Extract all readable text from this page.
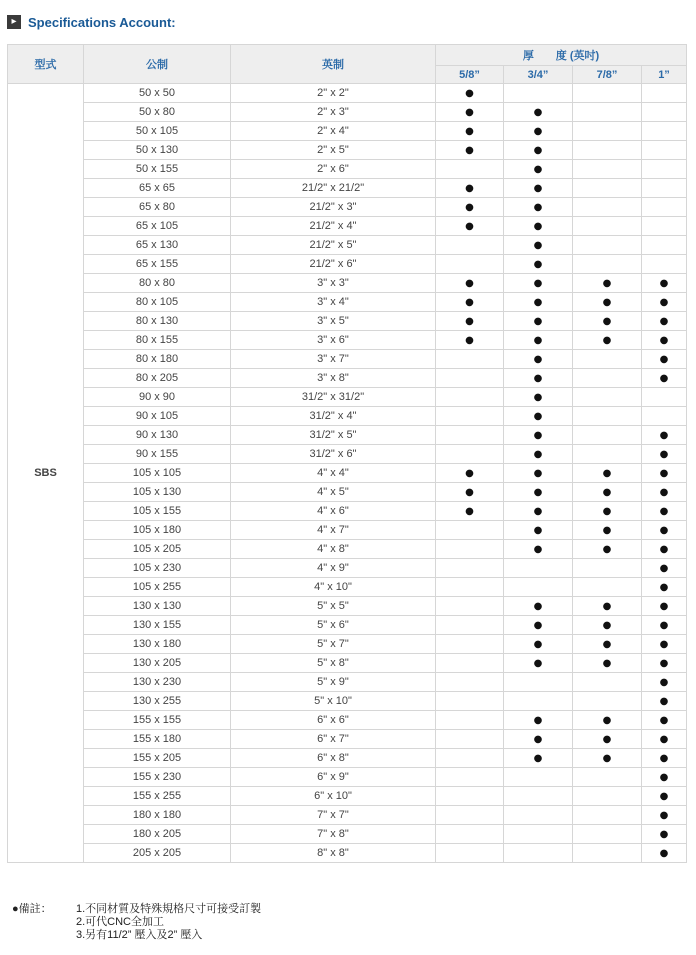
▸ Specifications Account:
型式	公制	英制	厚　　度 (英吋)			
			5/8”	3/4”	7/8”	1”
SBS	50 x 50	2" x 2"	●			
	50 x 80	2" x 3"	●	●		
	50 x 105	2" x 4"	●	●		
	50 x 130	2" x 5"	●	●		
	50 x 155	2" x 6"		●		
	65 x 65	21/2" x 21/2"	●	●		
	65 x 80	21/2" x 3"	●	●		
	65 x 105	21/2" x 4"	●	●		
	65 x 130	21/2" x 5"		●		
	65 x 155	21/2" x 6"		●		
	80 x 80	3" x 3"	●	●	●	●
	80 x 105	3" x 4"	●	●	●	●
	80 x 130	3" x 5"	●	●	●	●
	80 x 155	3" x 6"	●	●	●	●
	80 x 180	3" x 7"		●		●
	80 x 205	3" x 8"		●		●
	90 x 90	31/2" x 31/2"		●		
	90 x 105	31/2" x 4"		●		
	90 x 130	31/2" x 5"		●		●
	90 x 155	31/2" x 6"		●		●
	105 x 105	4" x 4"	●	●	●	●
	105 x 130	4" x 5"	●	●	●	●
	105 x 155	4" x 6"	●	●	●	●
	105 x 180	4" x 7"		●	●	●
	105 x 205	4" x 8"		●	●	●
	105 x 230	4" x 9"				●
	105 x 255	4" x 10"				●
	130 x 130	5" x 5"		●	●	●
	130 x 155	5" x 6"		●	●	●
	130 x 180	5" x 7"		●	●	●
	130 x 205	5" x 8"		●	●	●
	130 x 230	5" x 9"				●
	130 x 255	5" x 10"				●
	155 x 155	6" x 6"		●	●	●
	155 x 180	6" x 7"		●	●	●
	155 x 205	6" x 8"		●	●	●
	155 x 230	6" x 9"				●
	155 x 255	6" x 10"				●
	180 x 180	7" x 7"				●
	180 x 205	7" x 8"				●
	205 x 205	8" x 8"				●
●備註：	1.不同材質及特殊規格尺寸可接受訂製
2.可代CNC全加工
3.另有11/2” 壓入及2” 壓入
